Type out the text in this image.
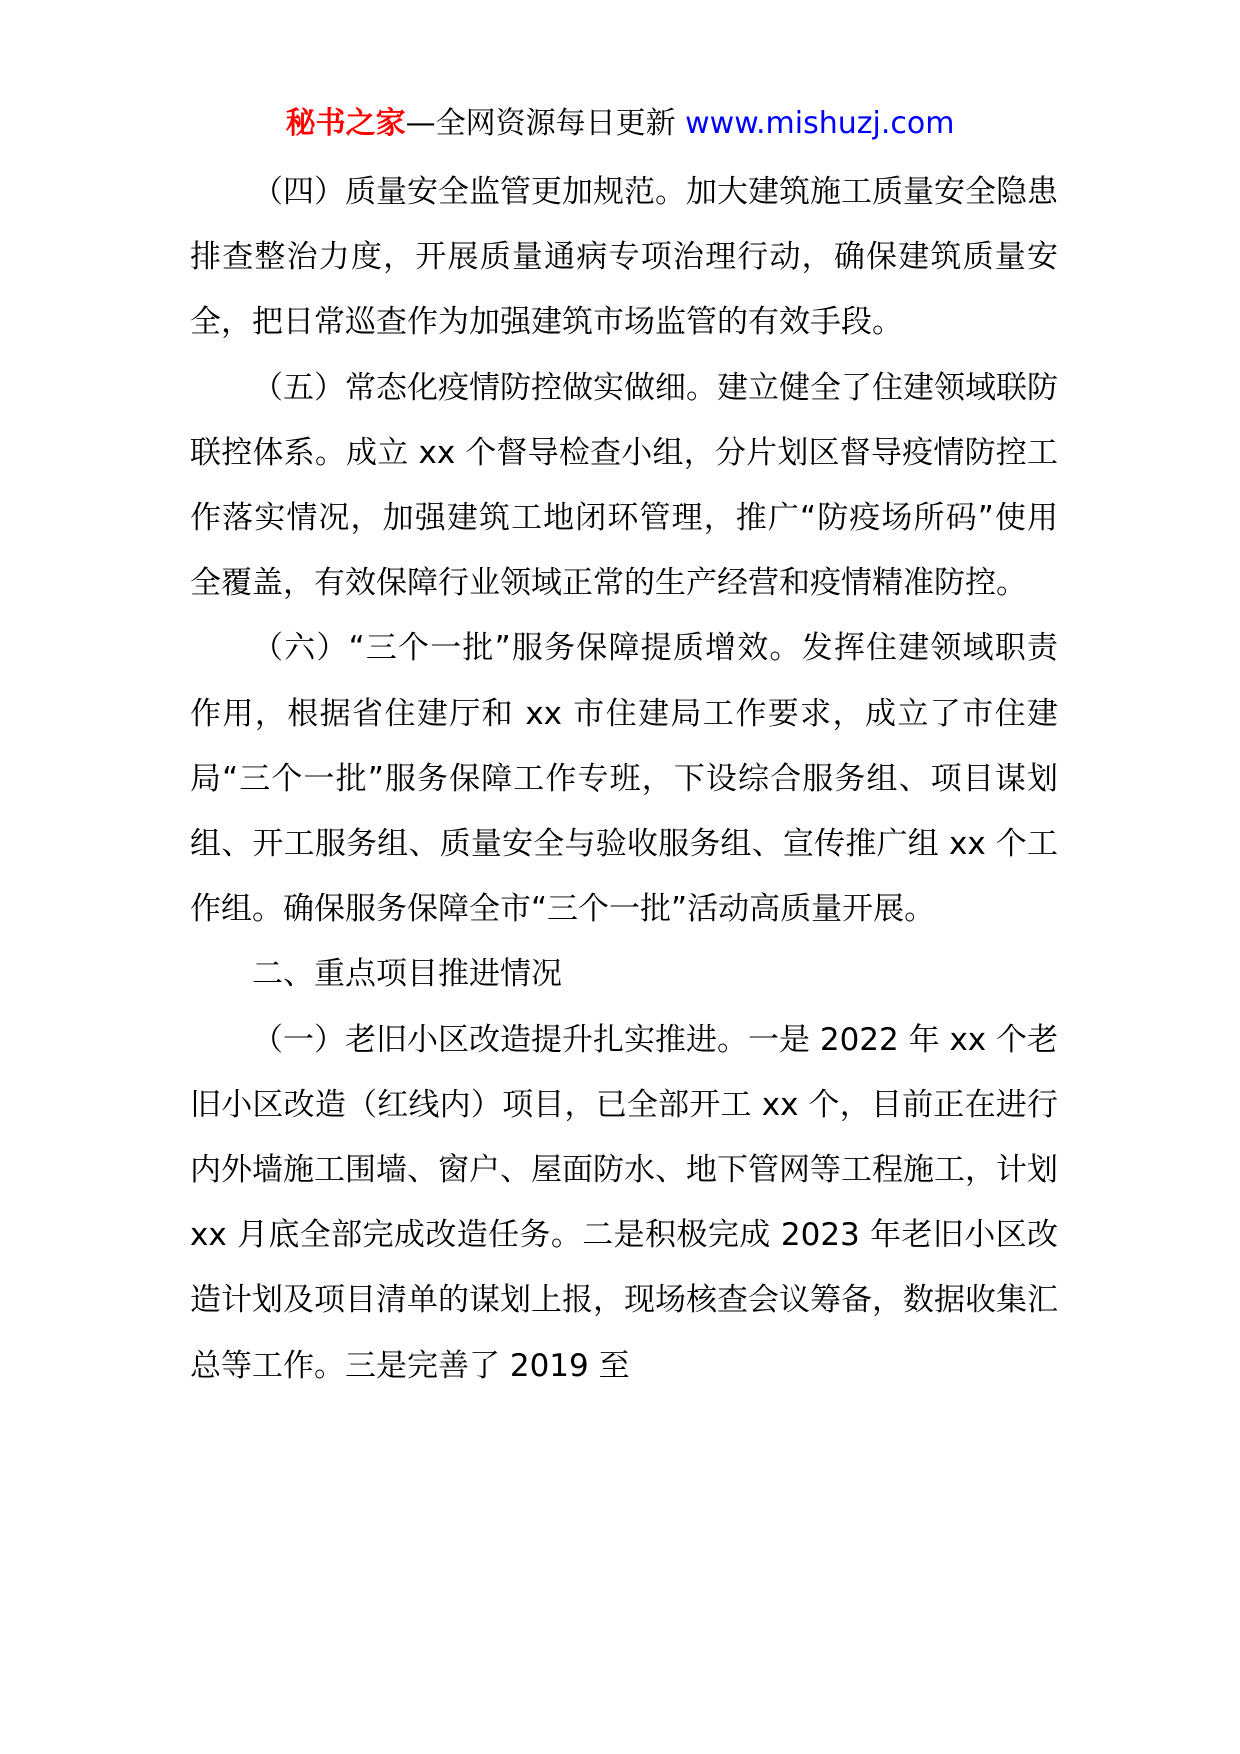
秘书之家—全网资源每日更新 www.mishuzj.com

（四）质量安全监管更加规范。加大建筑施工质量安全隐患排查整治力度，开展质量通病专项治理行动，确保建筑质量安全，把日常巡查作为加强建筑市场监管的有效手段。

（五）常态化疫情防控做实做细。建立健全了住建领域联防联控体系。成立 xx 个督导检查小组，分片划区督导疫情防控工作落实情况，加强建筑工地闭环管理，推广“防疫场所码”使用全覆盖，有效保障行业领域正常的生产经营和疫情精准防控。

（六）“三个一批”服务保障提质增效。发挥住建领域职责作用，根据省住建厅和 xx 市住建局工作要求，成立了市住建局“三个一批”服务保障工作专班，下设综合服务组、项目谋划组、开工服务组、质量安全与验收服务组、宣传推广组 xx 个工作组。确保服务保障全市“三个一批”活动高质量开展。

二、重点项目推进情况

（一）老旧小区改造提升扎实推进。一是 2022 年 xx 个老旧小区改造（红线内）项目，已全部开工 xx 个，目前正在进行内外墙施工围墙、窗户、屋面防水、地下管网等工程施工，计划 xx 月底全部完成改造任务。二是积极完成 2023 年老旧小区改造计划及项目清单的谋划上报，现场核查会议筹备，数据收集汇总等工作。三是完善了 2019 至
